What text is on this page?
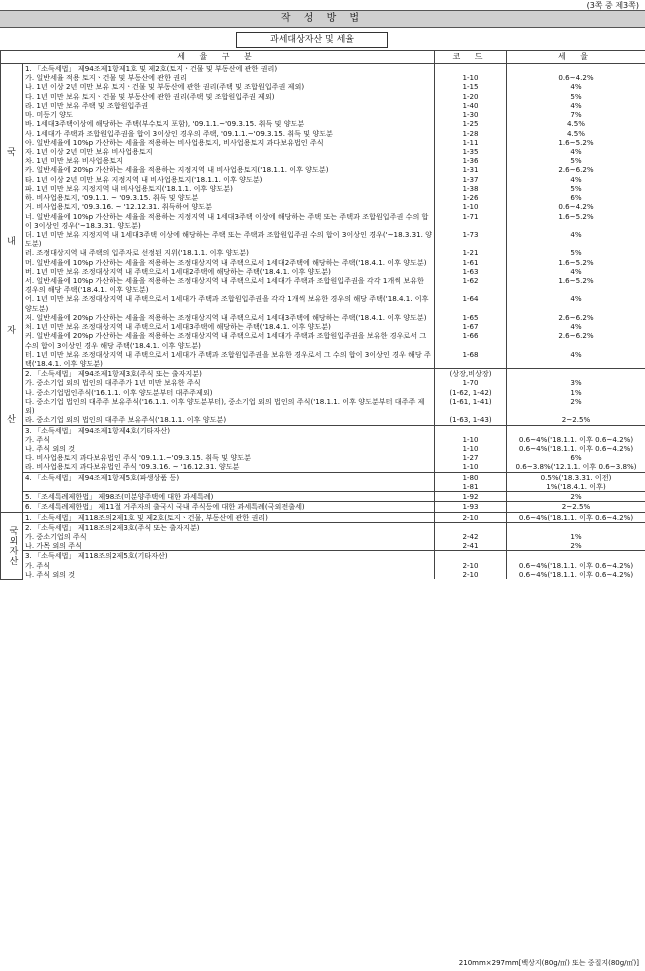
(3쪽 중 제3쪽)
작 성 방 법
과세대상자산 및 세율
세 율 구 분		코 드	세 율
국

내

자

산	1. 「소득세법」 제94조제1항제1호 및 제2호(토지ㆍ건물 및 부동산에 관한 권리)		
	가. 일반세율 적용 토지ㆍ건물 및 부동산에 관한 권리	1-10	0.6~4.2%
	나. 1년 이상 2년 미만 보유 토지ㆍ건물 및 부동산에 관한 권리(주택 및 조합원입주권 제외)	1-15	4%
	다. 1년 미만 보유 토지ㆍ건물 및 부동산에 관한 권리(주택 및 조합원입주권 제외)	1-20	5%
	라. 1년 미만 보유 주택 및 조합원입주권	1-40	4%
	마. 미등기 양도	1-30	7%
	바. 1세대3주택이상에 해당하는 주택(부수토지 포함), '09.1.1.~'09.3.15. 취득 및 양도분	1-25	4.5%
	사. 1세대가 주택과 조합원입주권을 합이 3이상인 경우의 주택, '09.1.1.~'09.3.15. 취득 및 양도분	1-28	4.5%
	아. 일반세율에 10%p 가산하는 세율을 적용하는 비사업용토지, 비사업용토지 과다보유법인 주식	1-11	1.6~5.2%
	자. 1년 이상 2년 미만 보유 비사업용토지	1-35	4%
	차. 1년 미만 보유 비사업용토지	1-36	5%
	카. 일반세율에 20%p 가산하는 세율을 적용하는 지정지역 내 비사업용토지('18.1.1. 이후 양도분)	1-31	2.6~6.2%
	타. 1년 이상 2년 미만 보유 지정지역 내 비사업용토지('18.1.1. 이후 양도분)	1-37	4%
	파. 1년 미만 보유 지정지역 내 비사업용토지('18.1.1. 이후 양도분)	1-38	5%
	하. 비사업용토지, '09.1.1. ~ '09.3.15. 취득 및 양도분	1-26	6%
	거. 비사업용토지, '09.3.16. ~ '12.12.31. 취득하여 양도분	1-10	0.6~4.2%
	너. 일반세율에 10%p 가산하는 세율을 적용하는 지정지역 내 1세대3주택 이상에 해당하는 주택 또는 주택과 조합원입주권 수의 합이 3이상인 경우('~18.3.31. 양도분)	1-71	1.6~5.2%
	더. 1년 미만 보유 지정지역 내 1세대3주택 이상에 해당하는 주택 또는 주택과 조합원입주권 수의 합이 3이상인 경우('~18.3.31. 양도분)	1-73	4%
	러. 조정대상지역 내 주택의 입주자로 선정된 지위('18.1.1. 이후 양도분)	1-21	5%
	머. 일반세율에 10%p 가산하는 세율을 적용하는 조정대상지역 내 주택으로서 1세대2주택에 해당하는 주택('18.4.1. 이후 양도분)	1-61	1.6~5.2%
	버. 1년 미만 보유 조정대상지역 내 주택으로서 1세대2주택에 해당하는 주택('18.4.1. 이후 양도분)	1-63	4%
	서. 일반세율에 10%p 가산하는 세율을 적용하는 조정대상지역 내 주택으로서 1세대가 주택과 조합원입주권을 각각 1개씩 보유한 경우의 해당 주택('18.4.1. 이후 양도분)	1-62	1.6~5.2%
	어. 1년 미만 보유 조정대상지역 내 주택으로서 1세대가 주택과 조합원입주권을 각각 1개씩 보유한 경우의 해당 주택('18.4.1. 이후 양도분)	1-64	4%
	저. 일반세율에 20%p 가산하는 세율을 적용하는 조정대상지역 내 주택으로서 1세대3주택에 해당하는 주택('18.4.1. 이후 양도분)	1-65	2.6~6.2%
	처. 1년 미만 보유 조정대상지역 내 주택으로서 1세대3주택에 해당하는 주택('18.4.1. 이후 양도분)	1-67	4%
	커. 일반세율에 20%p 가산하는 세율을 적용하는 조정대상지역 내 주택으로서 1세대가 주택과 조합원입주권을 보유한 경우로서 그 수의 합이 3이상인 경우 해당 주택('18.4.1. 이후 양도분)	1-66	2.6~6.2%
	터. 1년 미만 보유 조정대상지역 내 주택으로서 1세대가 주택과 조합원입주권을 보유한 경우로서 그 수의 합이 3이상인 경우 해당 주택('18.4.1. 이후 양도분)	1-68	4%
	2. 「소득세법」 제94조제1항제3호(주식 또는 출자지분)	(상장,비상장)	
	가. 중소기업 외의 법인의 대주주가 1년 미만 보유한 주식	1-70	3%
	나. 중소기업법인주식('16.1.1. 이후 양도분부터 대주주제외)	(1-62, 1-42)	1%
	다. 중소기업 법인의 대주주 보유주식('16.1.1. 이후 양도분부터), 중소기업 외의 법인의 주식('18.1.1. 이후 양도분부터 대주주 제외)	(1-61, 1-41)	2%
	라. 중소기업 외의 법인의 대주주 보유주식('18.1.1. 이후 양도분)	(1-63, 1-43)	2~2.5%
	3. 「소득세법」 제94조제1항제4호(기타자산)		
	가. 주식	1-10	0.6~4%('18.1.1. 이후 0.6~4.2%)
	나. 주식 외의 것	1-10	0.6~4%('18.1.1. 이후 0.6~4.2%)
	다. 비사업용토지 과다보유법인 주식 '09.1.1.~'09.3.15. 취득 및 양도분	1-27	6%
	라. 비사업용토지 과다보유법인 주식 '09.3.16. ~ '16.12.31. 양도분	1-10	0.6~3.8%('12.1.1. 이후 0.6~3.8%)
	4. 「소득세법」 제94조제1항제5호(파생상품 등)	1-80	0.5%('18.3.31. 이전)
		1-81	1%('18.4.1. 이후)
	5. 「조세특례제한법」 제98조(미분양주택에 대한 과세특례)	1-92	2%
	6. 「조세특례제한법」 제11절 거주자의 출국시 국내 주식등에 대한 과세특례(국외전출세)	1-93	2~2.5%
국외자산	1. 「소득세법」 제118조의2제1호 및 제2호(토지ㆍ건물, 부동산에 관한 권리)	2-10	0.6~4%('18.1.1. 이후 0.6~4.2%)
	2. 「소득세법」 제118조의2제3호(주식 또는 출자지분)		
	가. 중소기업의 주식	2-42	1%
	나. 가목 외의 주식	2-41	2%
	3. 「소득세법」 제118조의2제5호(기타자산)		
	가. 주식	2-10	0.6~4%('18.1.1. 이후 0.6~4.2%)
	나. 주식 외의 것	2-10	0.6~4%('18.1.1. 이후 0.6~4.2%)
210mm×297mm[백상지(80g/㎡) 또는 중질지(80g/㎡)]
